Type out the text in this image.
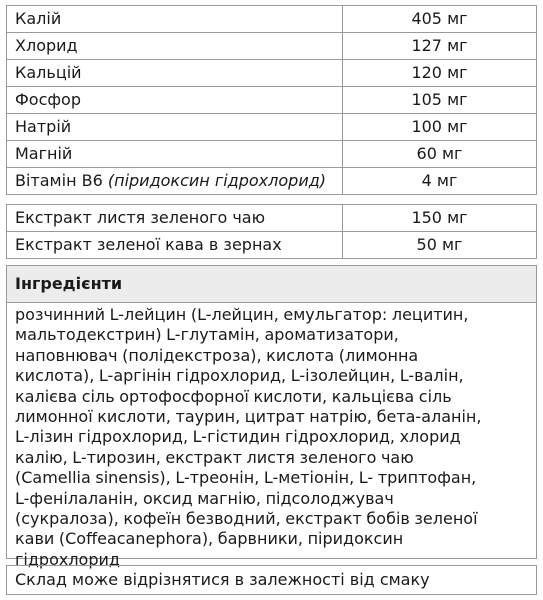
Калій	405 мг
Хлорид	127 мг
Кальцій	120 мг
Фосфор	105 мг
Натрій	100 мг
Магній	60 мг
Вітамін В6 (піридоксин гідрохлорид)	4 мг
Екстракт листя зеленого чаю	150 мг
Екстракт зеленої кава в зернах	50 мг
Інгредієнти
розчинний L-лейцин (L-лейцин, емульгатор: лецитин,
мальтодекстрин) L-глутамін, ароматизатори,
наповнювач (полідекстроза), кислота (лимонна
кислота), L-аргінін гідрохлорид, L-ізолейцин, L-валін,
калієва сіль ортофосфорної кислоти, кальцієва сіль
лимонної кислоти, таурин, цитрат натрію, бета-аланін,
L-лізин гідрохлорид, L-гістидин гідрохлорид, хлорид
калію, L-тирозин, екстракт листя зеленого чаю
(Camellia sinensis), L-треонін, L-метіонін, L- триптофан,
L-фенілаланін, оксид магнію, підсолоджувач
(сукралоза), кофеїн безводний, екстракт бобів зеленої
кави (Coffeacanephora), барвники, піридоксин
гідрохлорид
Склад може відрізнятися в залежності від смаку
